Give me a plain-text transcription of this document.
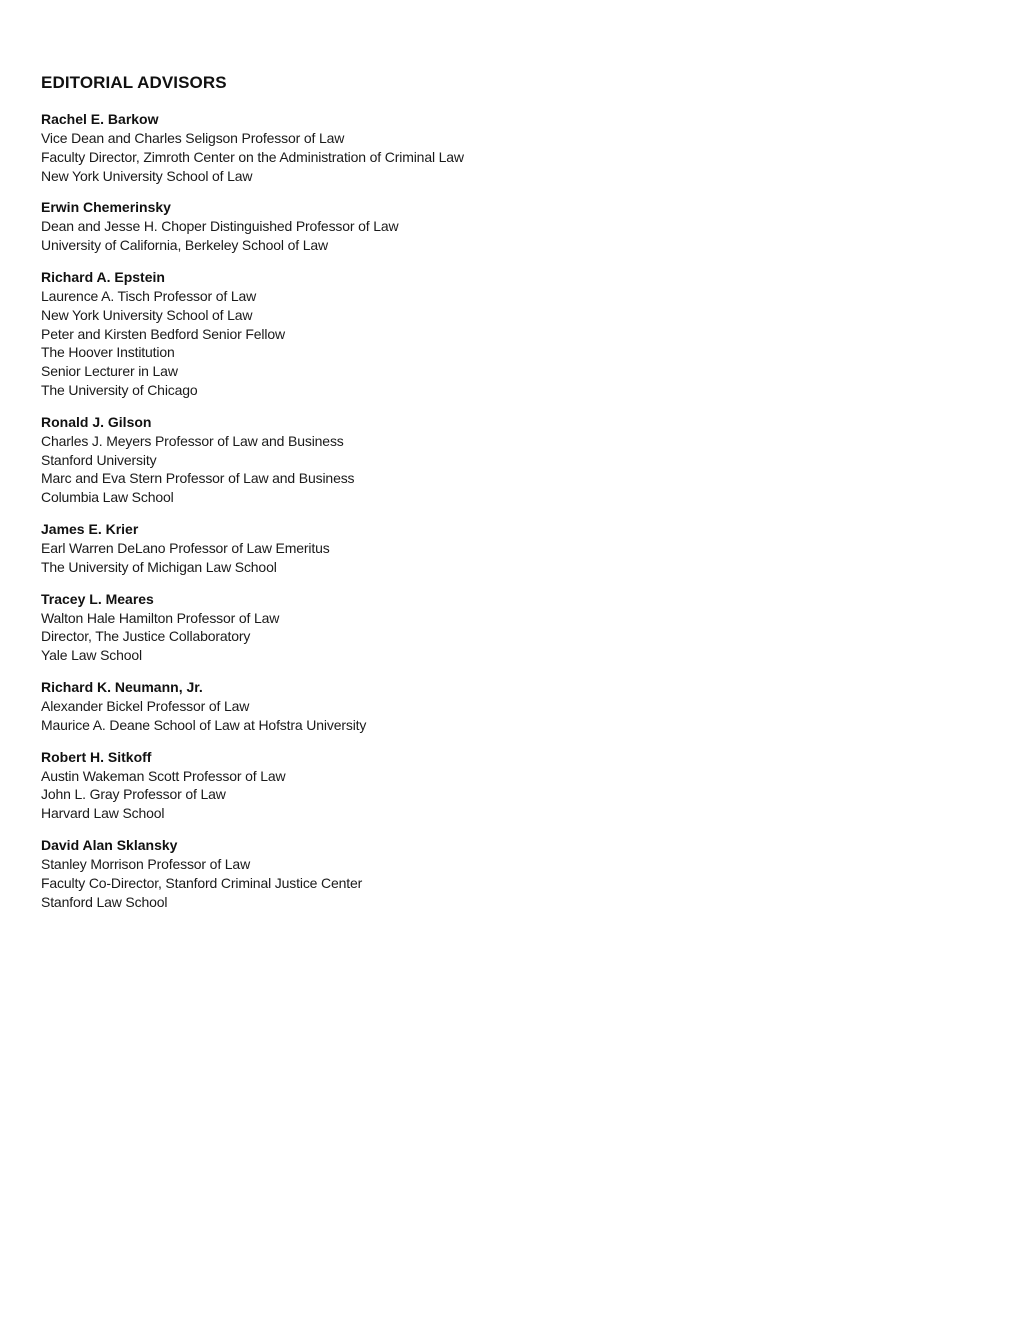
EDITORIAL ADVISORS
Rachel E. Barkow
Vice Dean and Charles Seligson Professor of Law
Faculty Director, Zimroth Center on the Administration of Criminal Law
New York University School of Law
Erwin Chemerinsky
Dean and Jesse H. Choper Distinguished Professor of Law
University of California, Berkeley School of Law
Richard A. Epstein
Laurence A. Tisch Professor of Law
New York University School of Law
Peter and Kirsten Bedford Senior Fellow
The Hoover Institution
Senior Lecturer in Law
The University of Chicago
Ronald J. Gilson
Charles J. Meyers Professor of Law and Business
Stanford University
Marc and Eva Stern Professor of Law and Business
Columbia Law School
James E. Krier
Earl Warren DeLano Professor of Law Emeritus
The University of Michigan Law School
Tracey L. Meares
Walton Hale Hamilton Professor of Law
Director, The Justice Collaboratory
Yale Law School
Richard K. Neumann, Jr.
Alexander Bickel Professor of Law
Maurice A. Deane School of Law at Hofstra University
Robert H. Sitkoff
Austin Wakeman Scott Professor of Law
John L. Gray Professor of Law
Harvard Law School
David Alan Sklansky
Stanley Morrison Professor of Law
Faculty Co-Director, Stanford Criminal Justice Center
Stanford Law School
